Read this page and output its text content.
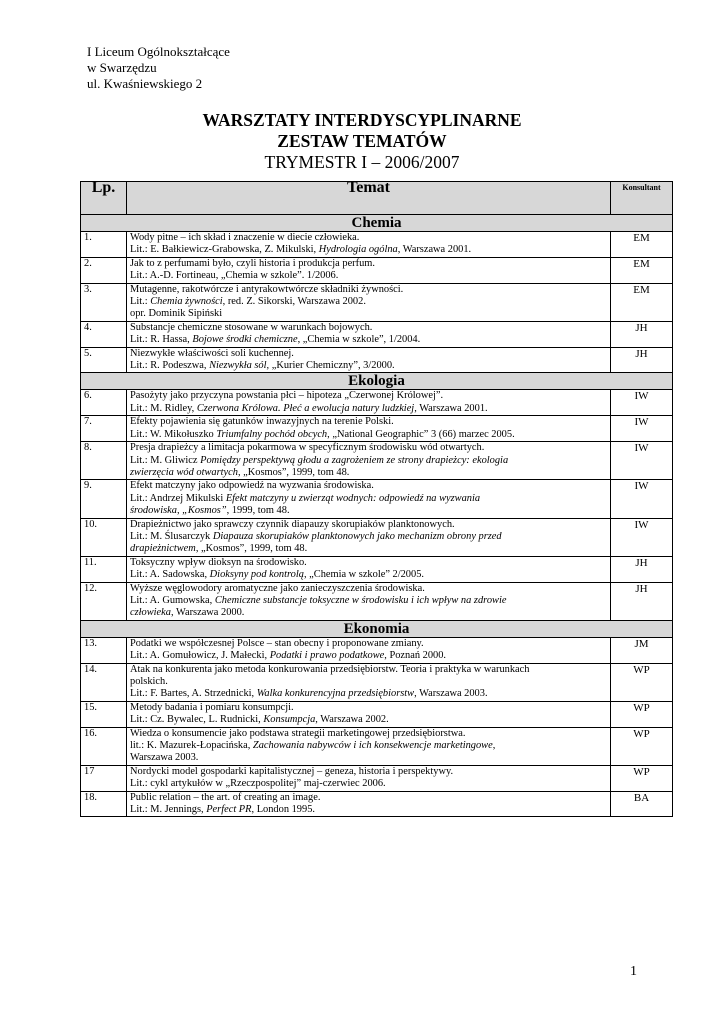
I Liceum Ogólnokształcące
w Swarzędzu
ul. Kwaśniewskiego 2
WARSZTATY INTERDYSCYPLINARNE
ZESTAW TEMATÓW
TRYMESTR I – 2006/2007
Lp.	Temat	Konsultant
Chemia		
1.	Wody pitne – ich skład i znaczenie w diecie człowieka.
Lit.: E. Bałkiewicz-Grabowska, Z. Mikulski, Hydrologia ogólna, Warszawa 2001.	EM
2.	Jak to z perfumami było, czyli historia i produkcja perfum.
Lit.: A.-D. Fortineau, „Chemia w szkole”. 1/2006.	EM
3.	Mutagenne, rakotwórcze i antyrakowtwórcze składniki żywności.
Lit.: Chemia żywności, red. Z. Sikorski, Warszawa 2002.
opr. Dominik Sipiński	EM
4.	Substancje chemiczne stosowane w warunkach bojowych.
Lit.: R. Hassa, Bojowe środki chemiczne, „Chemia w szkole”, 1/2004.	JH
5.	Niezwykłe właściwości soli kuchennej.
Lit.: R. Podeszwa, Niezwykła sól, „Kurier Chemiczny”, 3/2000.	JH
Ekologia		
6.	Pasożyty jako przyczyna powstania płci – hipoteza „Czerwonej Królowej”.
Lit.: M. Ridley, Czerwona Królowa. Płeć a ewolucja natury ludzkiej, Warszawa 2001.	IW
7.	Efekty pojawienia się gatunków inwazyjnych na terenie Polski.
Lit.: W. Mikołuszko Triumfalny pochód obcych, „National Geographic” 3 (66) marzec 2005.	IW
8.	Presja drapieżcy a limitacja pokarmowa w specyficznym środowisku wód otwartych.
Lit.: M. Gliwicz Pomiędzy perspektywą głodu a zagrożeniem ze strony drapieżcy: ekologia
zwierzęcia wód otwartych, „Kosmos”, 1999, tom 48.	IW
9.	Efekt matczyny jako odpowiedź na wyzwania środowiska.
Lit.: Andrzej Mikulski Efekt matczyny u zwierząt wodnych: odpowiedź na wyzwania
środowiska, „Kosmos”, 1999, tom 48.	IW
10.	Drapieżnictwo jako sprawczy czynnik diapauzy skorupiaków planktonowych.
Lit.: M. Ślusarczyk Diapauza skorupiaków planktonowych jako mechanizm obrony przed
drapieżnictwem, „Kosmos”, 1999, tom 48.	IW
11.	Toksyczny wpływ dioksyn na środowisko.
Lit.: A. Sadowska, Dioksyny pod kontrolą, „Chemia w szkole” 2/2005.	JH
12.	Wyższe węglowodory aromatyczne jako zanieczyszczenia środowiska.
Lit.: A. Gumowska, Chemiczne substancje toksyczne w środowisku i ich wpływ na zdrowie
człowieka, Warszawa 2000.	JH
Ekonomia		
13.	Podatki we współczesnej Polsce – stan obecny i proponowane zmiany.
Lit.: A. Gomułowicz, J. Małecki, Podatki i prawo podatkowe, Poznań 2000.	JM
14.	Atak na konkurenta jako metoda konkurowania przedsiębiorstw. Teoria i praktyka w warunkach
polskich.
Lit.: F. Bartes, A. Strzednicki, Walka konkurencyjna przedsiębiorstw, Warszawa 2003.	WP
15.	Metody badania i pomiaru konsumpcji.
Lit.: Cz. Bywalec, L. Rudnicki, Konsumpcja, Warszawa 2002.	WP
16.	Wiedza o konsumencie jako podstawa strategii marketingowej przedsiębiorstwa.
lit.: K. Mazurek-Łopacińska, Zachowania nabywców i ich konsekwencje marketingowe,
Warszawa 2003.	WP
17	Nordycki model gospodarki kapitalistycznej – geneza, historia i perspektywy.
Lit.: cykl artykułów w „Rzeczpospolitej” maj-czerwiec 2006.	WP
18.	Public relation – the art. of creating an image.
Lit.: M. Jennings, Perfect PR, London 1995.	BA
1
